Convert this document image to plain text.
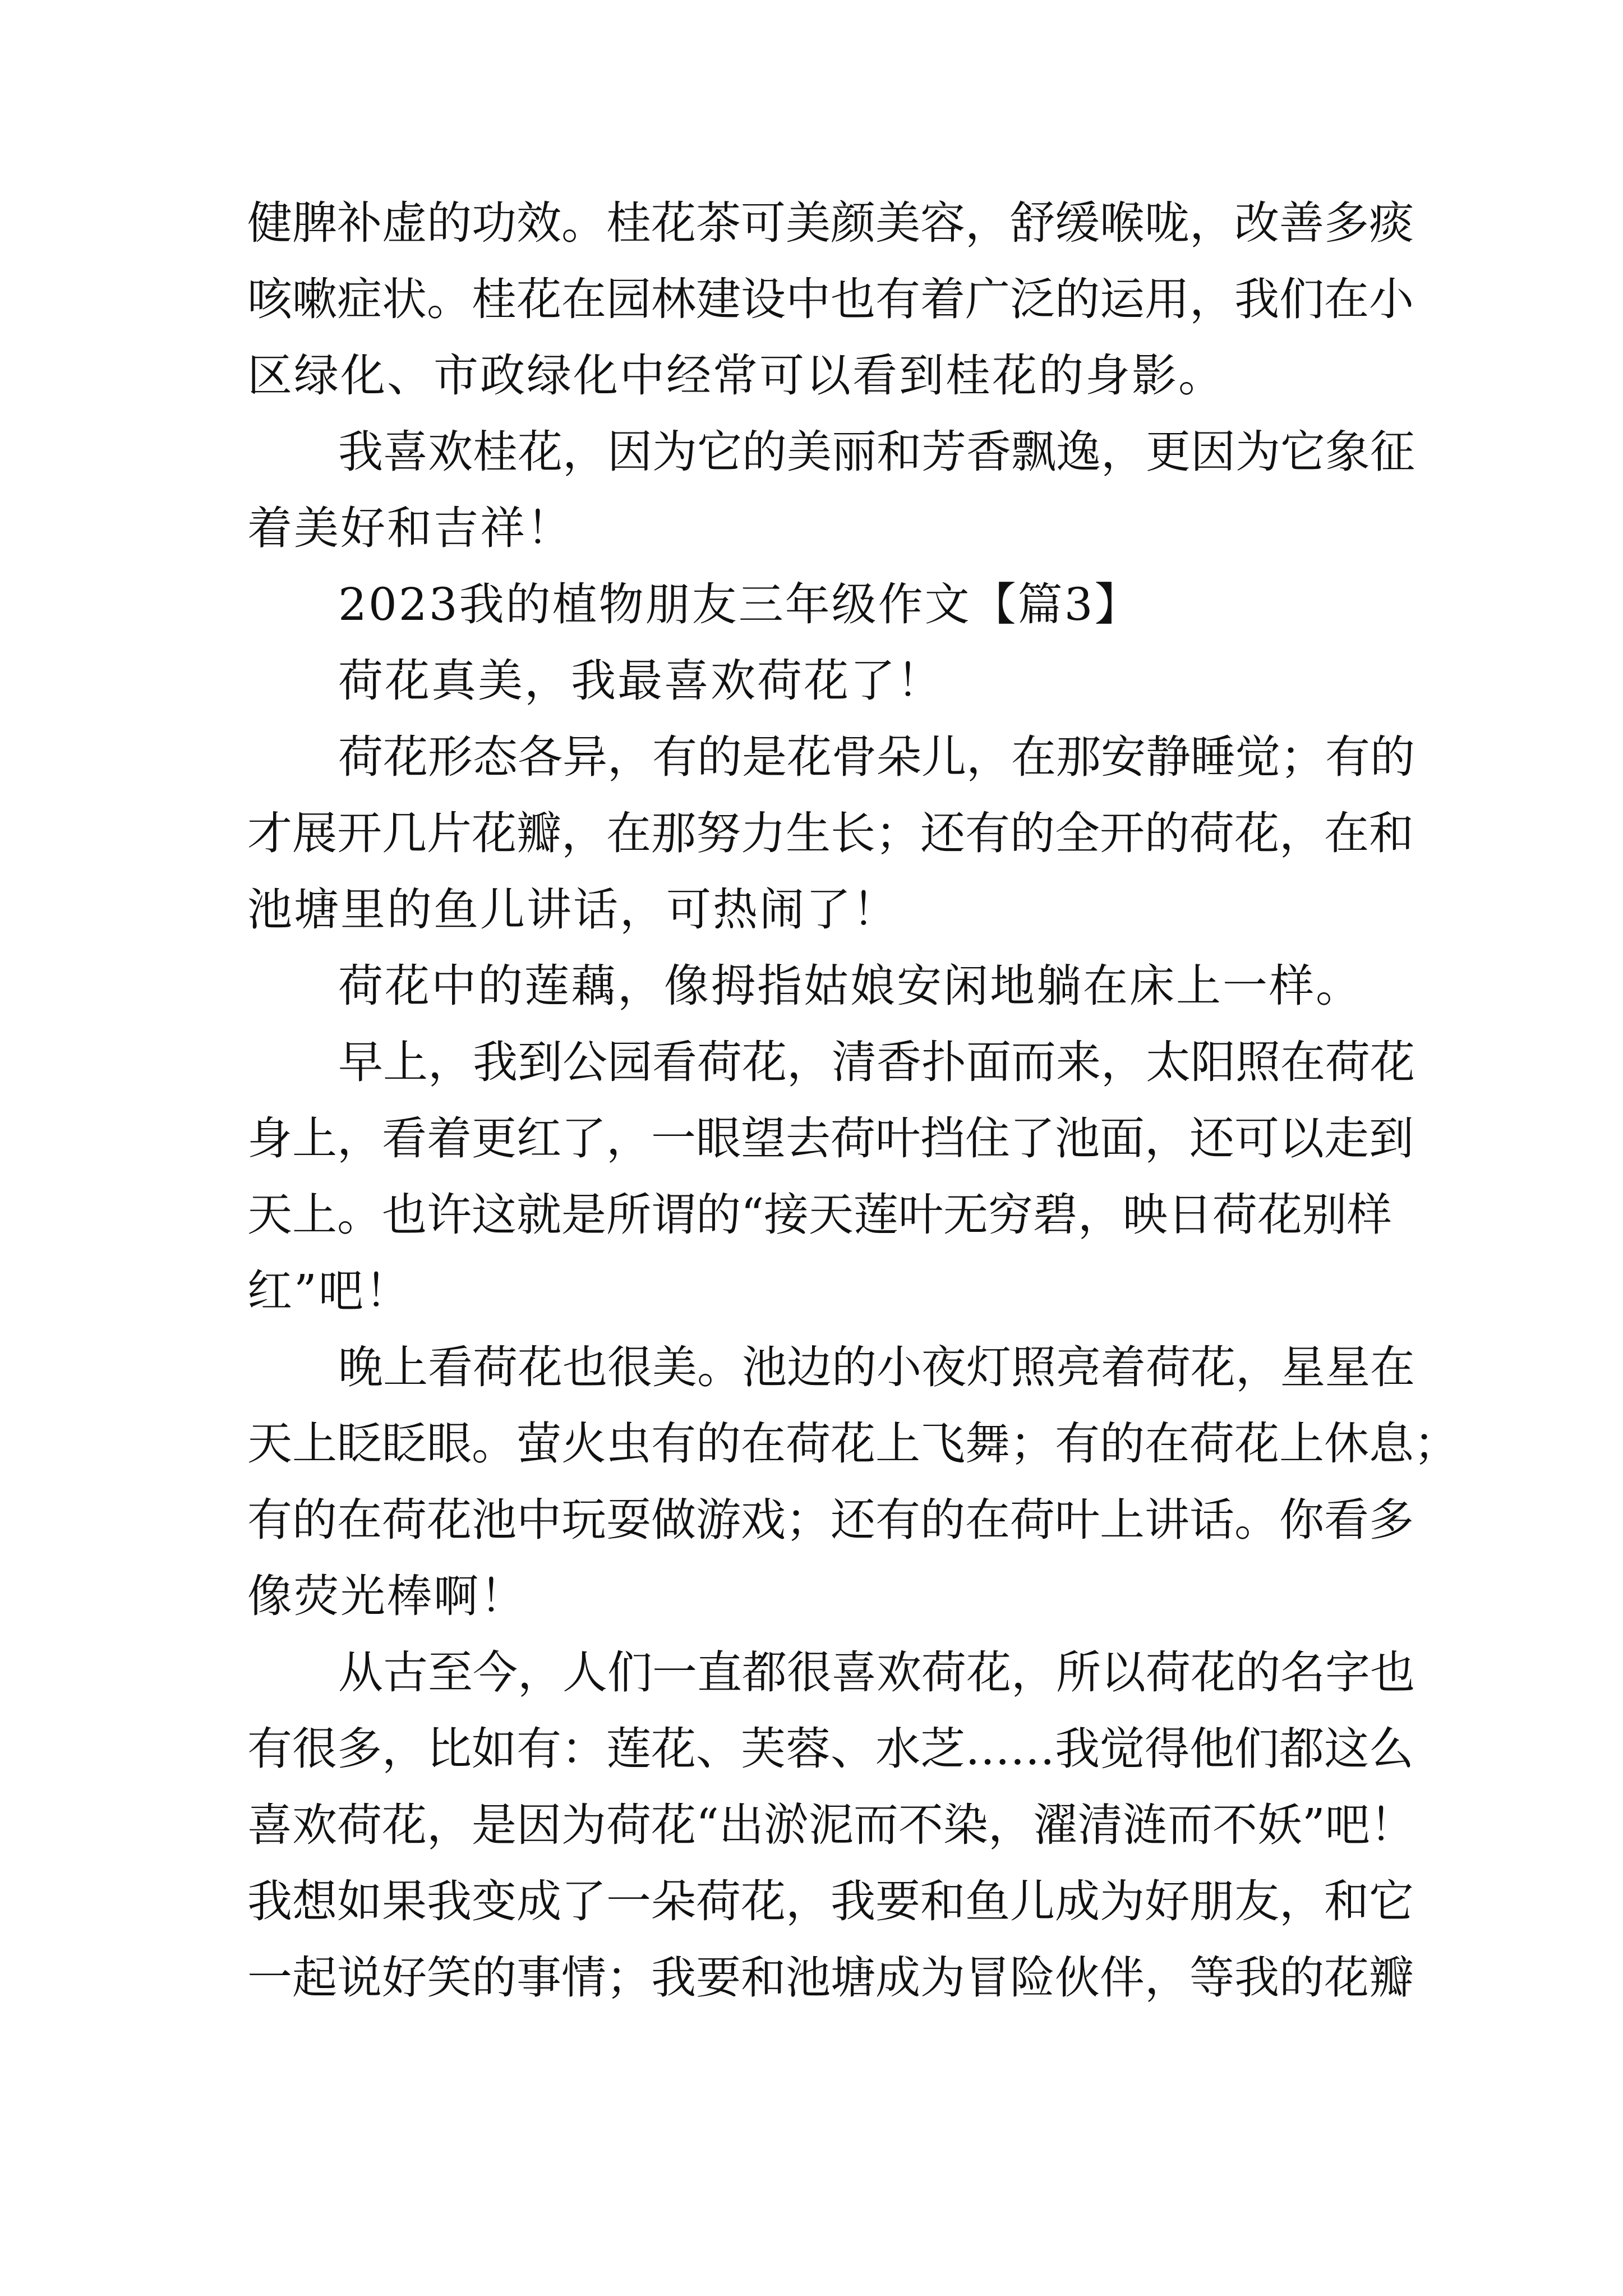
健脾补虚的功效。桂花茶可美颜美容，舒缓喉咙，改善多痰
咳嗽症状。桂花在园林建设中也有着广泛的运用，我们在小
区绿化、市政绿化中经常可以看到桂花的身影。
我喜欢桂花，因为它的美丽和芳香飘逸，更因为它象征
着美好和吉祥！
2023我的植物朋友三年级作文【篇3】
荷花真美，我最喜欢荷花了！
荷花形态各异，有的是花骨朵儿，在那安静睡觉；有的
才展开几片花瓣，在那努力生长；还有的全开的荷花，在和
池塘里的鱼儿讲话，可热闹了！
荷花中的莲藕，像拇指姑娘安闲地躺在床上一样。
早上，我到公园看荷花，清香扑面而来，太阳照在荷花
身上，看着更红了，一眼望去荷叶挡住了池面，还可以走到
天上。也许这就是所谓的“接天莲叶无穷碧，映日荷花别样
红”吧！
晚上看荷花也很美。池边的小夜灯照亮着荷花，星星在
天上眨眨眼。萤火虫有的在荷花上飞舞；有的在荷花上休息；
有的在荷花池中玩耍做游戏；还有的在荷叶上讲话。你看多
像荧光棒啊！
从古至今，人们一直都很喜欢荷花，所以荷花的名字也
有很多，比如有：莲花、芙蓉、水芝……我觉得他们都这么
喜欢荷花，是因为荷花“出淤泥而不染，濯清涟而不妖”吧！
我想如果我变成了一朵荷花，我要和鱼儿成为好朋友，和它
一起说好笑的事情；我要和池塘成为冒险伙伴，等我的花瓣
